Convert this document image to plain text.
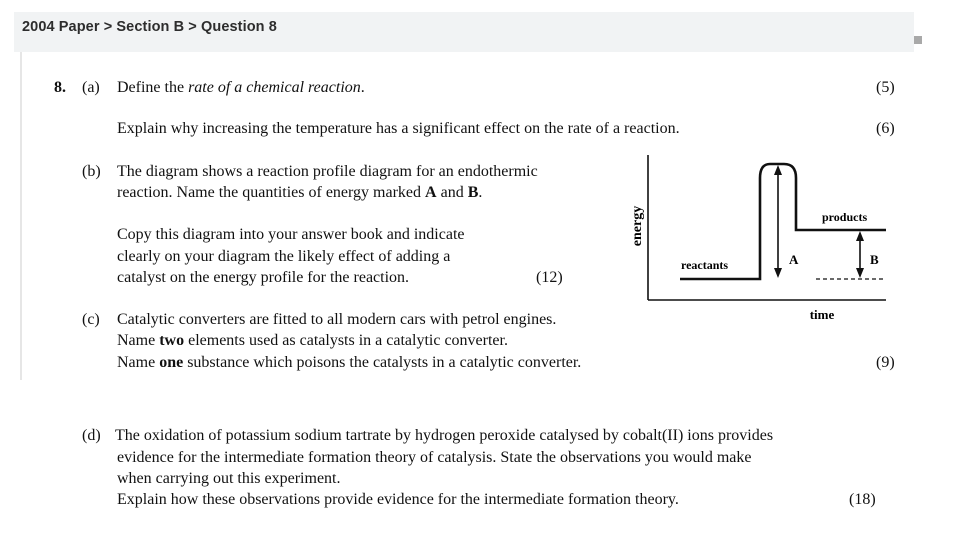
2004 Paper > Section B > Question 8
8. (a) Define the rate of a chemical reaction.	(5)
Explain why increasing the temperature has a significant effect on the rate of a reaction.	(6)
(b) The diagram shows a reaction profile diagram for an endothermic
reaction. Name the quantities of energy marked A and B.
Copy this diagram into your answer book and indicate
clearly on your diagram the likely effect of adding a
catalyst on the energy profile for the reaction.	(12)
energy
time
A	B
reactants
products
(c) Catalytic converters are fitted to all modern cars with petrol engines.
Name two elements used as catalysts in a catalytic converter.
Name one substance which poisons the catalysts in a catalytic converter.	(9)
(d) The oxidation of potassium sodium tartrate by hydrogen peroxide catalysed by cobalt(II) ions provides
evidence for the intermediate formation theory of catalysis. State the observations you would make
when carrying out this experiment.
Explain how these observations provide evidence for the intermediate formation theory.	(18)
